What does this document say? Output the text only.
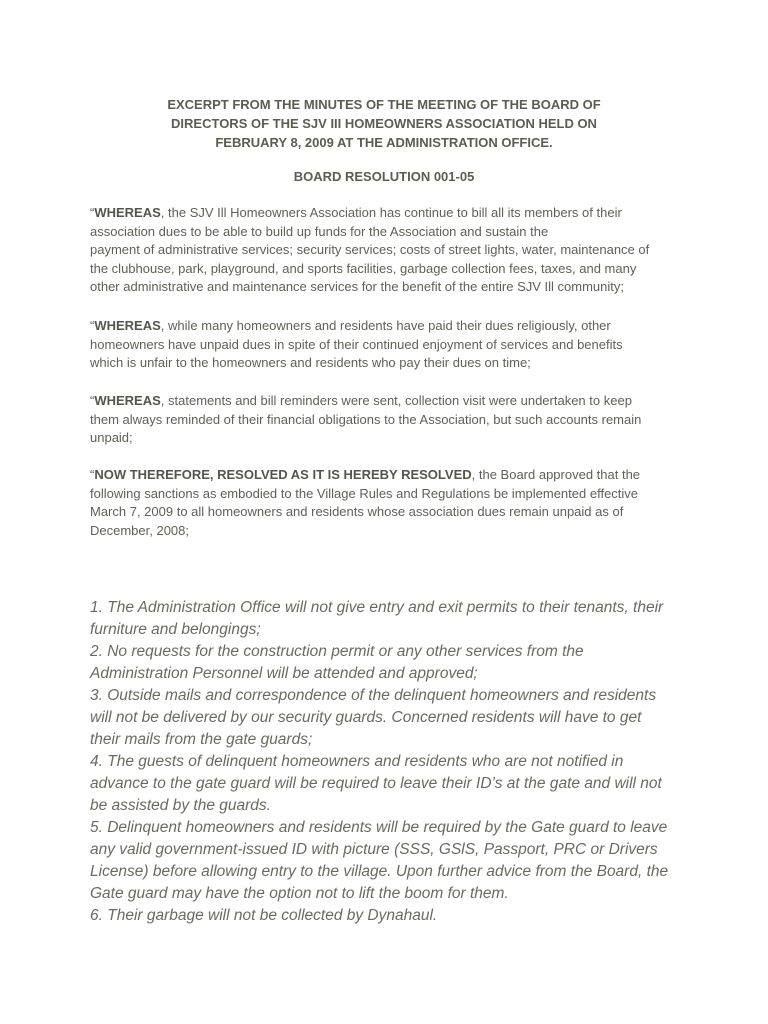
EXCERPT FROM THE MINUTES OF THE MEETING OF THE BOARD OF
DIRECTORS OF THE SJV III HOMEOWNERS ASSOCIATION HELD ON
FEBRUARY 8, 2009 AT THE ADMINISTRATION OFFICE.
BOARD RESOLUTION 001-05
“WHEREAS, the SJV Ill Homeowners Association has continue to bill all its members of their
association dues to be able to build up funds for the Association and sustain the
payment of administrative services; security services; costs of street lights, water, maintenance of
the clubhouse, park, playground, and sports facilities, garbage collection fees, taxes, and many
other administrative and maintenance services for the benefit of the entire SJV Ill community;
“WHEREAS, while many homeowners and residents have paid their dues religiously, other
homeowners have unpaid dues in spite of their continued enjoyment of services and benefits
which is unfair to the homeowners and residents who pay their dues on time;
“WHEREAS, statements and bill reminders were sent, collection visit were undertaken to keep
them always reminded of their financial obligations to the Association, but such accounts remain
unpaid;
“NOW THEREFORE, RESOLVED AS IT IS HEREBY RESOLVED, the Board approved that the
following sanctions as embodied to the Village Rules and Regulations be implemented effective
March 7, 2009 to all homeowners and residents whose association dues remain unpaid as of
December, 2008;
1. The Administration Office will not give entry and exit permits to their tenants, their
furniture and belongings;
2. No requests for the construction permit or any other services from the
Administration Personnel will be attended and approved;
3. Outside mails and correspondence of the delinquent homeowners and residents
will not be delivered by our security guards. Concerned residents will have to get
their mails from the gate guards;
4. The guests of delinquent homeowners and residents who are not notified in
advance to the gate guard will be required to leave their ID’s at the gate and will not
be assisted by the guards.
5. Delinquent homeowners and residents will be required by the Gate guard to leave
any valid government-issued ID with picture (SSS, GSlS, Passport, PRC or Drivers
License) before allowing entry to the village. Upon further advice from the Board, the
Gate guard may have the option not to lift the boom for them.
6. Their garbage will not be collected by Dynahaul.
